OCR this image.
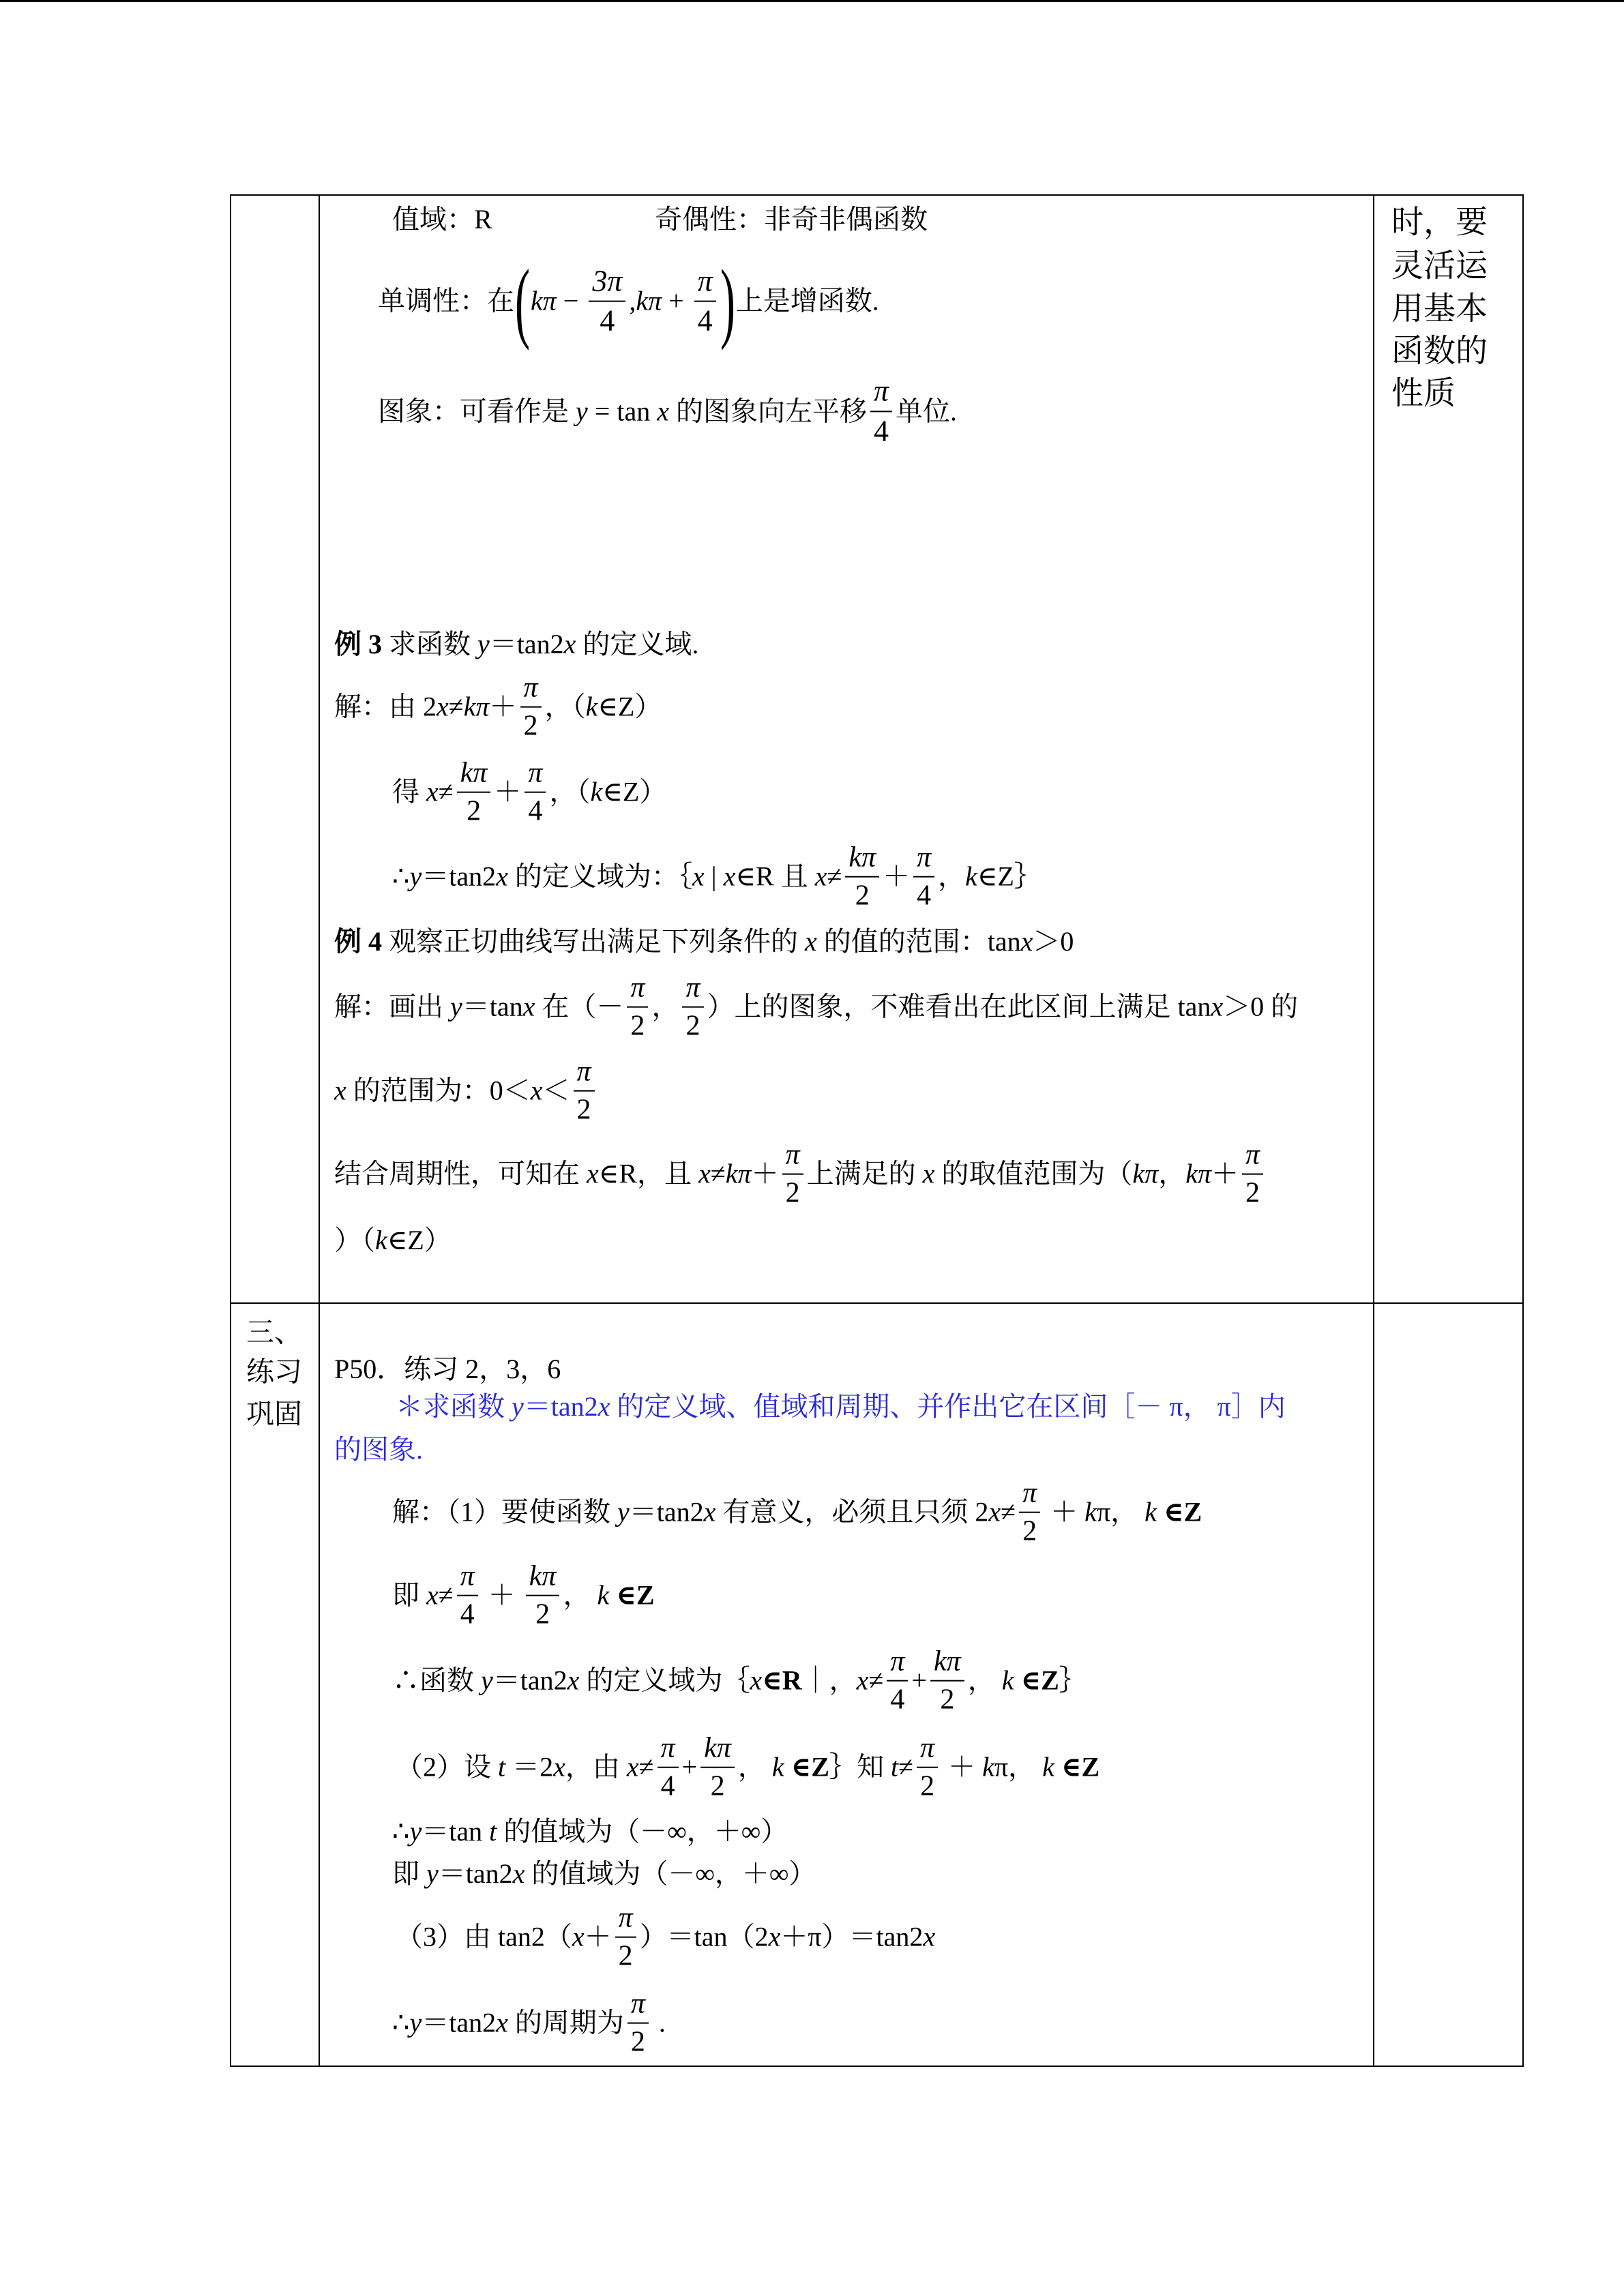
时，要
灵活运
用基本
函数的
性质
值域：R	奇偶性：非奇非偶函数
单调性：在 ( $k\pi - \frac{3\pi}{4}$ , $k\pi + \frac{\pi}{4}$ ) 上是增函数.
图象：可看作是 y = tan x 的图象向左平移 $\frac{\pi}{4}$ 单位.
例 3 求函数 y ＝tan2 x 的定义域.
解：由 2 $x \ne k\pi + \frac{\pi}{2}$ ，（ k ∈Z）
得 $x \ne \frac{k\pi}{2} + \frac{\pi}{4}$ ，（ k ∈Z）
∴ y ＝tan2 x 的定义域为：｛ x | x ∈R 且 $x \ne \frac{k\pi}{2} + \frac{\pi}{4}$ ， k ∈Z｝
例 4 观察正切曲线写出满足下列条件的 x 的值的范围：tan x ＞0
解：画出 y ＝tan x 在（－ $\frac{\pi}{2}$ ， $\frac{\pi}{2}$ ）上的图象，不难看出在此区间上满足 tan x ＞0 的
x 的范围为：$0< x < \frac{\pi}{2}$
结合周期性，可知在 x ∈R，且 $x \ne k\pi + \frac{\pi}{2}$ 上满足的 x 的取值范围为（ kπ ， $k\pi + \frac{\pi}{2}$
）（ k ∈Z）
三、
练习
巩固
P50．练习 2，3，6
＊求函数 y ＝tan2 x 的定义域、值域和周期、并作出它在区间［－ π， π］内
的图象.
解：（1）要使函数 y ＝tan2 x 有意义，必须且只须 2 $x \ne \frac{\pi}{2} + k$ π， k ∈Z
即 $x \ne \frac{\pi}{4} + \frac{k\pi}{2}$ ， k ∈Z
∴函数 y ＝tan2 x 的定义域为｛ x ∈R ｜， $x \ne \frac{\pi}{4} + \frac{k\pi}{2}$ ， k ∈Z ｝
（2）设 t ＝2 x ，由 $x \ne \frac{\pi}{4} + \frac{k\pi}{2}$ ， k ∈Z ｝知 $t \ne \frac{\pi}{2} + k$ π， k ∈Z
∴ y ＝tan t 的值域为（－∞，＋∞）
即 y ＝tan2 x 的值域为（－∞，＋∞）
（3）由 tan2（ $x + \frac{\pi}{2} )=\tan(2$ x ＋π）＝tan2 x
∴ y ＝tan2 x 的周期为 $\frac{\pi}{2}$ .
